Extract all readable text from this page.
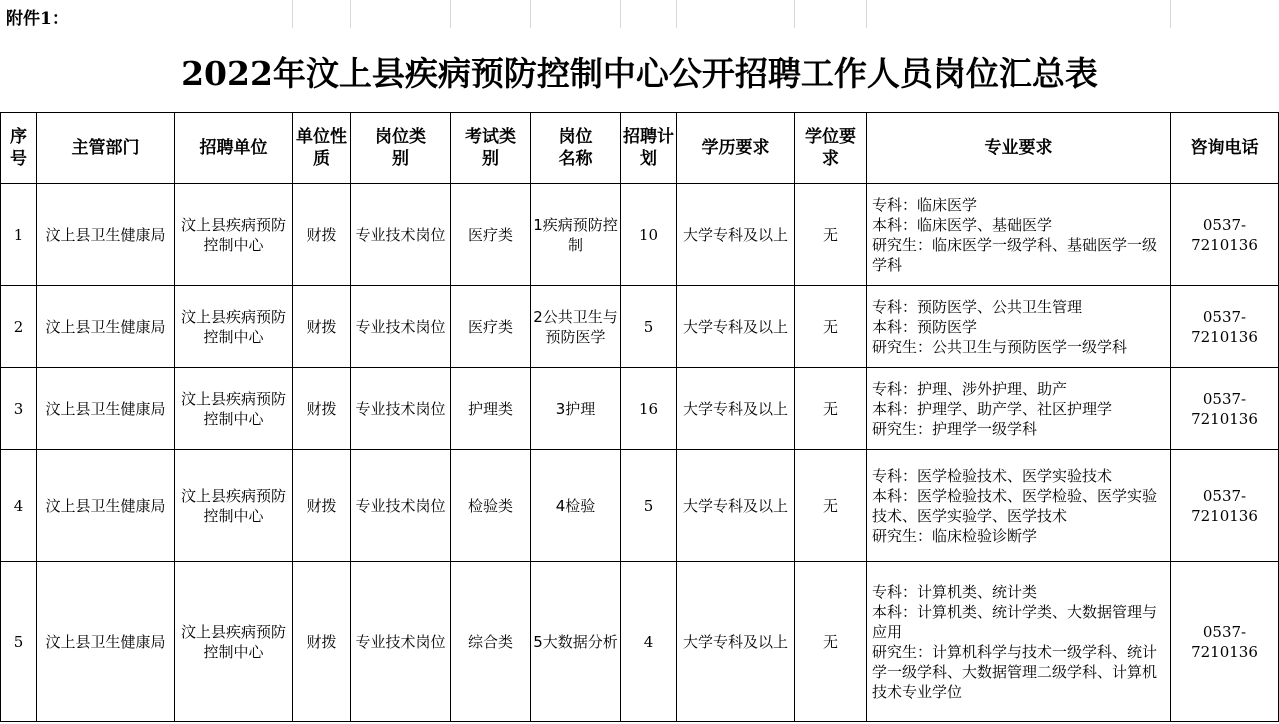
附件1：
2022年汶上县疾病预防控制中心公开招聘工作人员岗位汇总表
序号	主管部门	招聘单位	单位性质	岗位类别	考试类别	岗位名称	招聘计划	学历要求	学位要求	专业要求	咨询电话
1	汶上县卫生健康局	汶上县疾病预防控制中心	财拨	专业技术岗位	医疗类	1疾病预防控制	10	大学专科及以上	无	专科：临床医学
本科：临床医学、基础医学
研究生：临床医学一级学科、基础医学一级学科	0537-7210136
2	汶上县卫生健康局	汶上县疾病预防控制中心	财拨	专业技术岗位	医疗类	2公共卫生与预防医学	5	大学专科及以上	无	专科：预防医学、公共卫生管理
本科：预防医学
研究生：公共卫生与预防医学一级学科	0537-7210136
3	汶上县卫生健康局	汶上县疾病预防控制中心	财拨	专业技术岗位	护理类	3护理	16	大学专科及以上	无	专科：护理、涉外护理、助产
本科：护理学、助产学、社区护理学
研究生：护理学一级学科	0537-7210136
4	汶上县卫生健康局	汶上县疾病预防控制中心	财拨	专业技术岗位	检验类	4检验	5	大学专科及以上	无	专科：医学检验技术、医学实验技术
本科：医学检验技术、医学检验、医学实验技术、医学实验学、医学技术
研究生：临床检验诊断学	0537-7210136
5	汶上县卫生健康局	汶上县疾病预防控制中心	财拨	专业技术岗位	综合类	5大数据分析	4	大学专科及以上	无	专科：计算机类、统计类
本科：计算机类、统计学类、大数据管理与应用
研究生：计算机科学与技术一级学科、统计学一级学科、大数据管理二级学科、计算机技术专业学位	0537-7210136
